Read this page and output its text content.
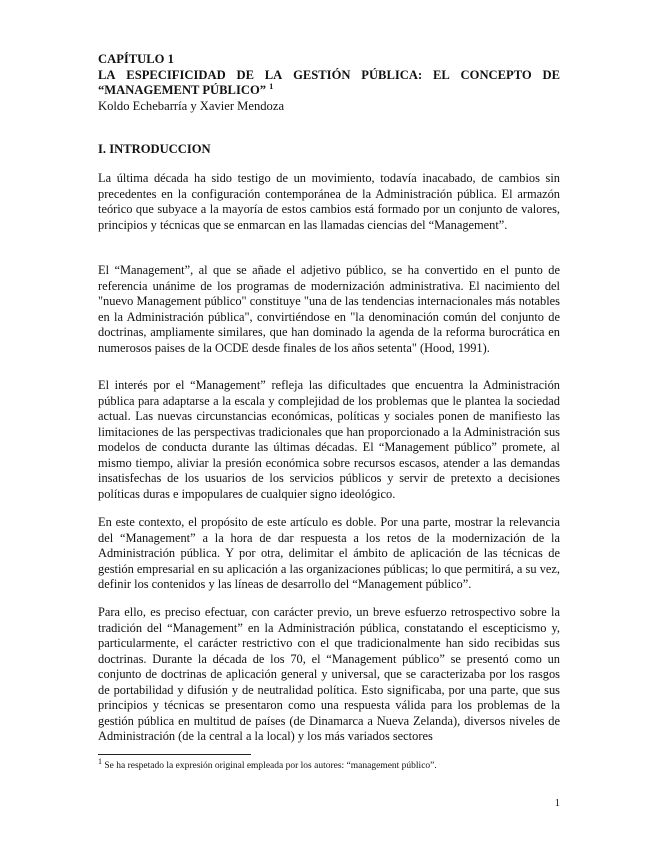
CAPÍTULO 1
LA ESPECIFICIDAD DE LA GESTIÓN PÚBLICA: EL CONCEPTO DE
“MANAGEMENT PÚBLICO” $^1$
Koldo Echebarría y Xavier Mendoza
I. INTRODUCCION

La última década ha sido testigo de un movimiento, todavía inacabado, de cambios sin precedentes en la configuración contemporánea de la Administración pública. El armazón teórico que subyace a la mayoría de estos cambios está formado por un conjunto de valores, principios y técnicas que se enmarcan en las llamadas ciencias del “Management”.

El “Management”, al que se añade el adjetivo público, se ha convertido en el punto de referencia unánime de los programas de modernización administrativa. El nacimiento del "nuevo Management público" constituye "una de las tendencias internacionales más notables en la Administración pública", convirtiéndose en "la denominación común del conjunto de doctrinas, ampliamente similares, que han dominado la agenda de la reforma burocrática en numerosos paises de la OCDE desde finales de los años setenta" (Hood, 1991).

El interés por el “Management” refleja las dificultades que encuentra la Administración pública para adaptarse a la escala y complejidad de los problemas que le plantea la sociedad actual. Las nuevas circunstancias económicas, políticas y sociales ponen de manifiesto las limitaciones de las perspectivas tradicionales que han proporcionado a la Administración sus modelos de conducta durante las últimas décadas. El “Management público” promete, al mismo tiempo, aliviar la presión económica sobre recursos escasos, atender a las demandas insatisfechas de los usuarios de los servicios públicos y servir de pretexto a decisiones políticas duras e impopulares de cualquier signo ideológico.

En este contexto, el propósito de este artículo es doble. Por una parte, mostrar la relevancia del “Management” a la hora de dar respuesta a los retos de la modernización de la Administración pública. Y por otra, delimitar el ámbito de aplicación de las técnicas de gestión empresarial en su aplicación a las organizaciones públicas; lo que permitirá, a su vez, definir los contenidos y las líneas de desarrollo del “Management público”.

Para ello, es preciso efectuar, con carácter previo, un breve esfuerzo retrospectivo sobre la tradición del “Management” en la Administración pública, constatando el escepticismo y, particularmente, el carácter restrictivo con el que tradicionalmente han sido recibidas sus doctrinas. Durante la década de los 70, el “Management público” se presentó como un conjunto de doctrinas de aplicación general y universal, que se caracterizaba por los rasgos de portabilidad y difusión y de neutralidad política. Esto significaba, por una parte, que sus principios y técnicas se presentaron como una respuesta válida para los problemas de la gestión pública en multitud de países (de Dinamarca a Nueva Zelanda), diversos niveles de Administración (de la central a la local) y los más variados sectores

$^1$ Se ha respetado la expresión original empleada por los autores: “management público”.
1
